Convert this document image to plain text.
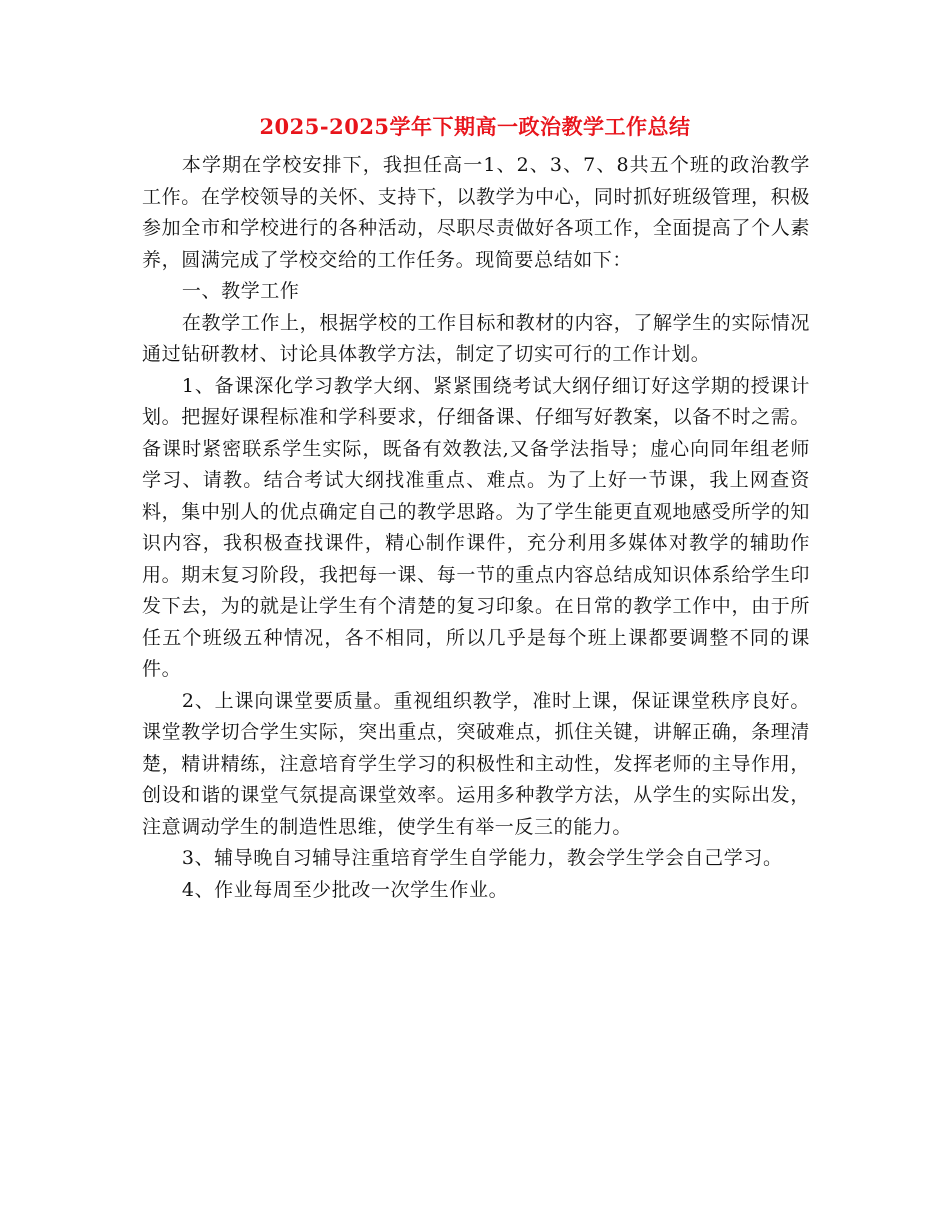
2025-2025学年下期高一政治教学工作总结

本学期在学校安排下，我担任高一1、2、3、7、8共五个班的政治教学工作。在学校领导的关怀、支持下，以教学为中心，同时抓好班级管理，积极参加全市和学校进行的各种活动，尽职尽责做好各项工作，全面提高了个人素养，圆满完成了学校交给的工作任务。现简要总结如下：

一、教学工作

在教学工作上，根据学校的工作目标和教材的内容，了解学生的实际情况通过钻研教材、讨论具体教学方法，制定了切实可行的工作计划。

1、备课深化学习教学大纲、紧紧围绕考试大纲仔细订好这学期的授课计划。把握好课程标准和学科要求，仔细备课、仔细写好教案，以备不时之需。备课时紧密联系学生实际，既备有效教法,又备学法指导；虚心向同年组老师学习、请教。结合考试大纲找准重点、难点。为了上好一节课，我上网查资料，集中别人的优点确定自己的教学思路。为了学生能更直观地感受所学的知识内容，我积极查找课件，精心制作课件，充分利用多媒体对教学的辅助作用。期末复习阶段，我把每一课、每一节的重点内容总结成知识体系给学生印发下去，为的就是让学生有个清楚的复习印象。在日常的教学工作中，由于所任五个班级五种情况，各不相同，所以几乎是每个班上课都要调整不同的课件。

2、上课向课堂要质量。重视组织教学，准时上课，保证课堂秩序良好。课堂教学切合学生实际，突出重点，突破难点，抓住关键，讲解正确，条理清楚，精讲精练，注意培育学生学习的积极性和主动性，发挥老师的主导作用，创设和谐的课堂气氛提高课堂效率。运用多种教学方法，从学生的实际出发，注意调动学生的制造性思维，使学生有举一反三的能力。

3、辅导晚自习辅导注重培育学生自学能力，教会学生学会自己学习。

4、作业每周至少批改一次学生作业。
